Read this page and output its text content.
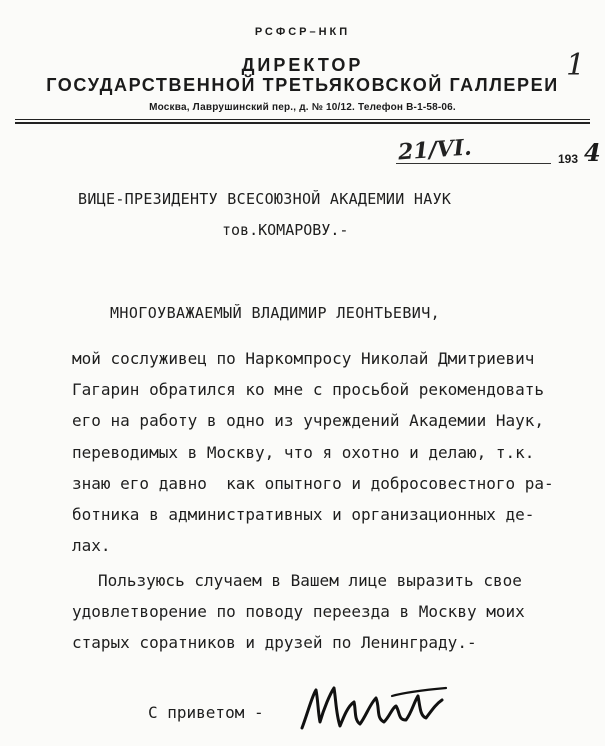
РСФСР–НКП
ДИРЕКТОР
ГОСУДАРСТВЕННОЙ ТРЕТЬЯКОВСКОЙ ГАЛЛЕРЕИ
Москва, Лаврушинский пер., д. № 10/12. Телефон В-1-58-06.
1
21/VI.	193 4
ВИЦЕ-ПРЕЗИДЕНТУ ВСЕСОЮЗНОЙ АКАДЕМИИ НАУК
тов.КОМАРОВУ.-
МНОГОУВАЖАЕМЫЙ ВЛАДИМИР ЛЕОНТЬЕВИЧ,
мой сослуживец по Наркомпросу Николай Дмитриевич
Гагарин обратился ко мне с просьбой рекомендовать
его на работу в одно из учреждений Академии Наук,
переводимых в Москву, что я охотно и делаю, т.к.
знаю его давно  как опытного и добросовестного ра-
ботника в административных и организационных де-
лах.
Пользуюсь случаем в Вашем лице выразить свое
удовлетворение по поводу переезда в Москву моих
старых соратников и друзей по Ленинграду.-
С приветом -
